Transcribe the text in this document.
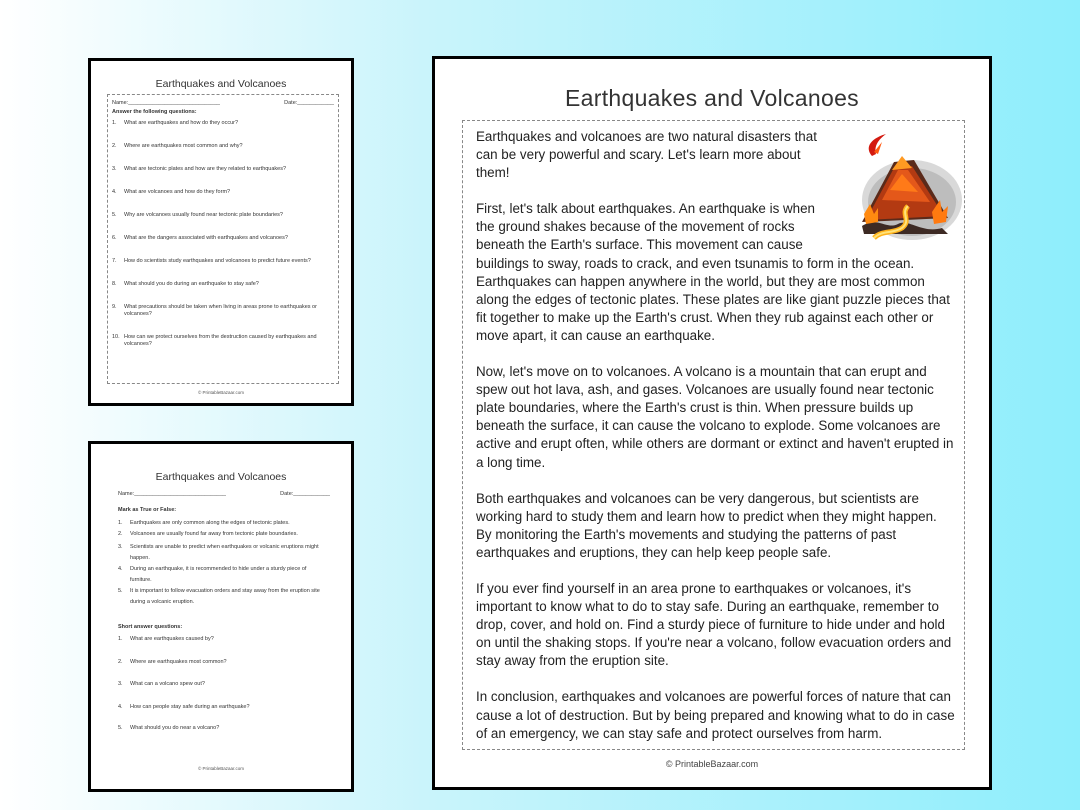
Earthquakes and Volcanoes
Name:______________________________	Date:____________
Answer the following questions:
1. What are earthquakes and how do they occur?
2. Where are earthquakes most common and why?
3. What are tectonic plates and how are they related to earthquakes?
4. What are volcanoes and how do they form?
5. Why are volcanoes usually found near tectonic plate boundaries?
6. What are the dangers associated with earthquakes and volcanoes?
7. How do scientists study earthquakes and volcanoes to predict future events?
8. What should you do during an earthquake to stay safe?
9. What precautions should be taken when living in areas prone to earthquakes or volcanoes?
10. How can we protect ourselves from the destruction caused by earthquakes and volcanoes?
© PrintableBazaar.com
Earthquakes and Volcanoes
Name:______________________________	Date:____________
Mark as True or False:
1. Earthquakes are only common along the edges of tectonic plates.
2. Volcanoes are usually found far away from tectonic plate boundaries.
3. Scientists are unable to predict when earthquakes or volcanic eruptions might happen.
4. During an earthquake, it is recommended to hide under a sturdy piece of furniture.
5. It is important to follow evacuation orders and stay away from the eruption site during a volcanic eruption.
Short answer questions:
1. What are earthquakes caused by?
2. Where are earthquakes most common?
3. What can a volcano spew out?
4. How can people stay safe during an earthquake?
5. What should you do near a volcano?
© PrintableBazaar.com
Earthquakes and Volcanoes

Earthquakes and volcanoes are two natural disasters that can be very powerful and scary. Let's learn more about them!

First, let's talk about earthquakes. An earthquake is when the ground shakes because of the movement of rocks beneath the Earth's surface. This movement can cause buildings to sway, roads to crack, and even tsunamis to form in the ocean. Earthquakes can happen anywhere in the world, but they are most common along the edges of tectonic plates. These plates are like giant puzzle pieces that fit together to make up the Earth's crust. When they rub against each other or move apart, it can cause an earthquake.

Now, let's move on to volcanoes. A volcano is a mountain that can erupt and spew out hot lava, ash, and gases. Volcanoes are usually found near tectonic plate boundaries, where the Earth's crust is thin. When pressure builds up beneath the surface, it can cause the volcano to explode. Some volcanoes are active and erupt often, while others are dormant or extinct and haven't erupted in a long time.

Both earthquakes and volcanoes can be very dangerous, but scientists are working hard to study them and learn how to predict when they might happen. By monitoring the Earth's movements and studying the patterns of past earthquakes and eruptions, they can help keep people safe.

If you ever find yourself in an area prone to earthquakes or volcanoes, it's important to know what to do to stay safe. During an earthquake, remember to drop, cover, and hold on. Find a sturdy piece of furniture to hide under and hold on until the shaking stops. If you're near a volcano, follow evacuation orders and stay away from the eruption site.

In conclusion, earthquakes and volcanoes are powerful forces of nature that can cause a lot of destruction. But by being prepared and knowing what to do in case of an emergency, we can stay safe and protect ourselves from harm.

© PrintableBazaar.com
